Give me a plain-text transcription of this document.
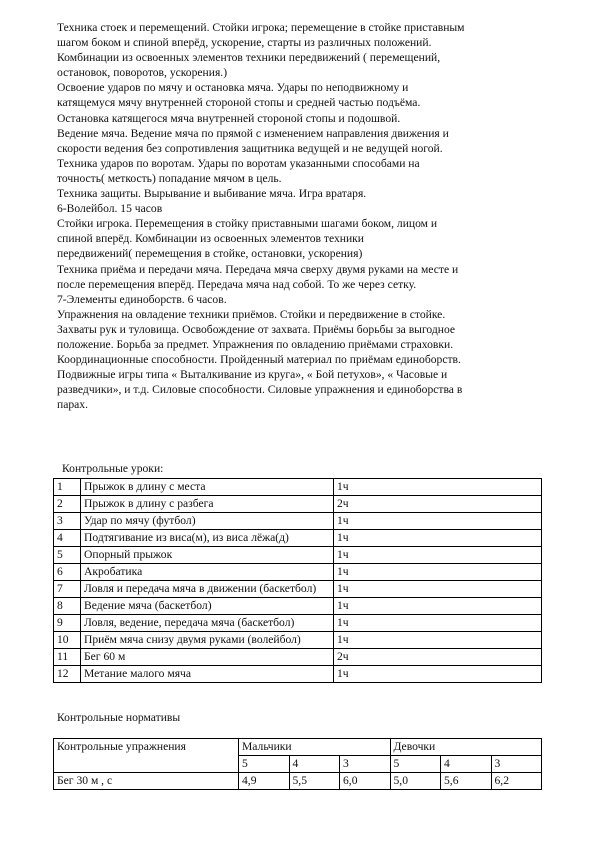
Техника стоек и перемещений. Стойки игрока; перемещение в стойке приставным
шагом боком и спиной вперёд, ускорение, старты из различных положений.
Комбинации из освоенных элементов техники передвижений ( перемещений,
остановок, поворотов, ускорения.)
Освоение ударов по мячу и остановка мяча. Удары по неподвижному и
катящемуся мячу внутренней стороной стопы и средней частью подъёма.
Остановка катящегося мяча внутренней стороной стопы и подошвой.
Ведение мяча. Ведение мяча по прямой с изменением направления движения и
скорости ведения без сопротивления защитника ведущей и не ведущей ногой.
Техника ударов по воротам. Удары по воротам указанными способами на
точность( меткость) попадание мячом в цель.
Техника защиты. Вырывание и выбивание мяча. Игра вратаря.
6-Волейбол. 15 часов
Стойки игрока. Перемещения в стойку приставными шагами боком, лицом и
спиной вперёд. Комбинации из освоенных элементов техники
передвижений( перемещения в стойке, остановки, ускорения)
Техника приёма и передачи мяча. Передача мяча сверху двумя руками на месте и
после перемещения вперёд. Передача мяча над собой. То же через сетку.
7-Элементы единоборств. 6 часов.
Упражнения на овладение техники приёмов. Стойки и передвижение в стойке.
Захваты рук и туловища. Освобождение от захвата. Приёмы борьбы за выгодное
положение. Борьба за предмет. Упражнения по овладению приёмами страховки.
Координационные способности. Пройденный материал по приёмам единоборств.
Подвижные игры типа « Выталкивание из круга», « Бой петухов», « Часовые и
разведчики», и т.д. Силовые способности. Силовые упражнения и единоборства в
парах.
Контрольные уроки:
1	Прыжок в длину с места	1ч
2	Прыжок в длину с разбега	2ч
3	Удар по мячу (футбол)	1ч
4	Подтягивание из виса(м), из виса лёжа(д)	1ч
5	Опорный прыжок	1ч
6	Акробатика	1ч
7	Ловля и передача мяча в движении (баскетбол)	1ч
8	Ведение мяча (баскетбол)	1ч
9	Ловля, ведение, передача мяча (баскетбол)	1ч
10	Приём мяча снизу двумя руками (волейбол)	1ч
11	Бег 60 м	2ч
12	Метание малого мяча	1ч
Контрольные нормативы
Контрольные упражнения	Мальчики			Девочки		
	5	4	3	5	4	3
Бег 30 м , с	4,9	5,5	6,0	5,0	5,6	6,2
